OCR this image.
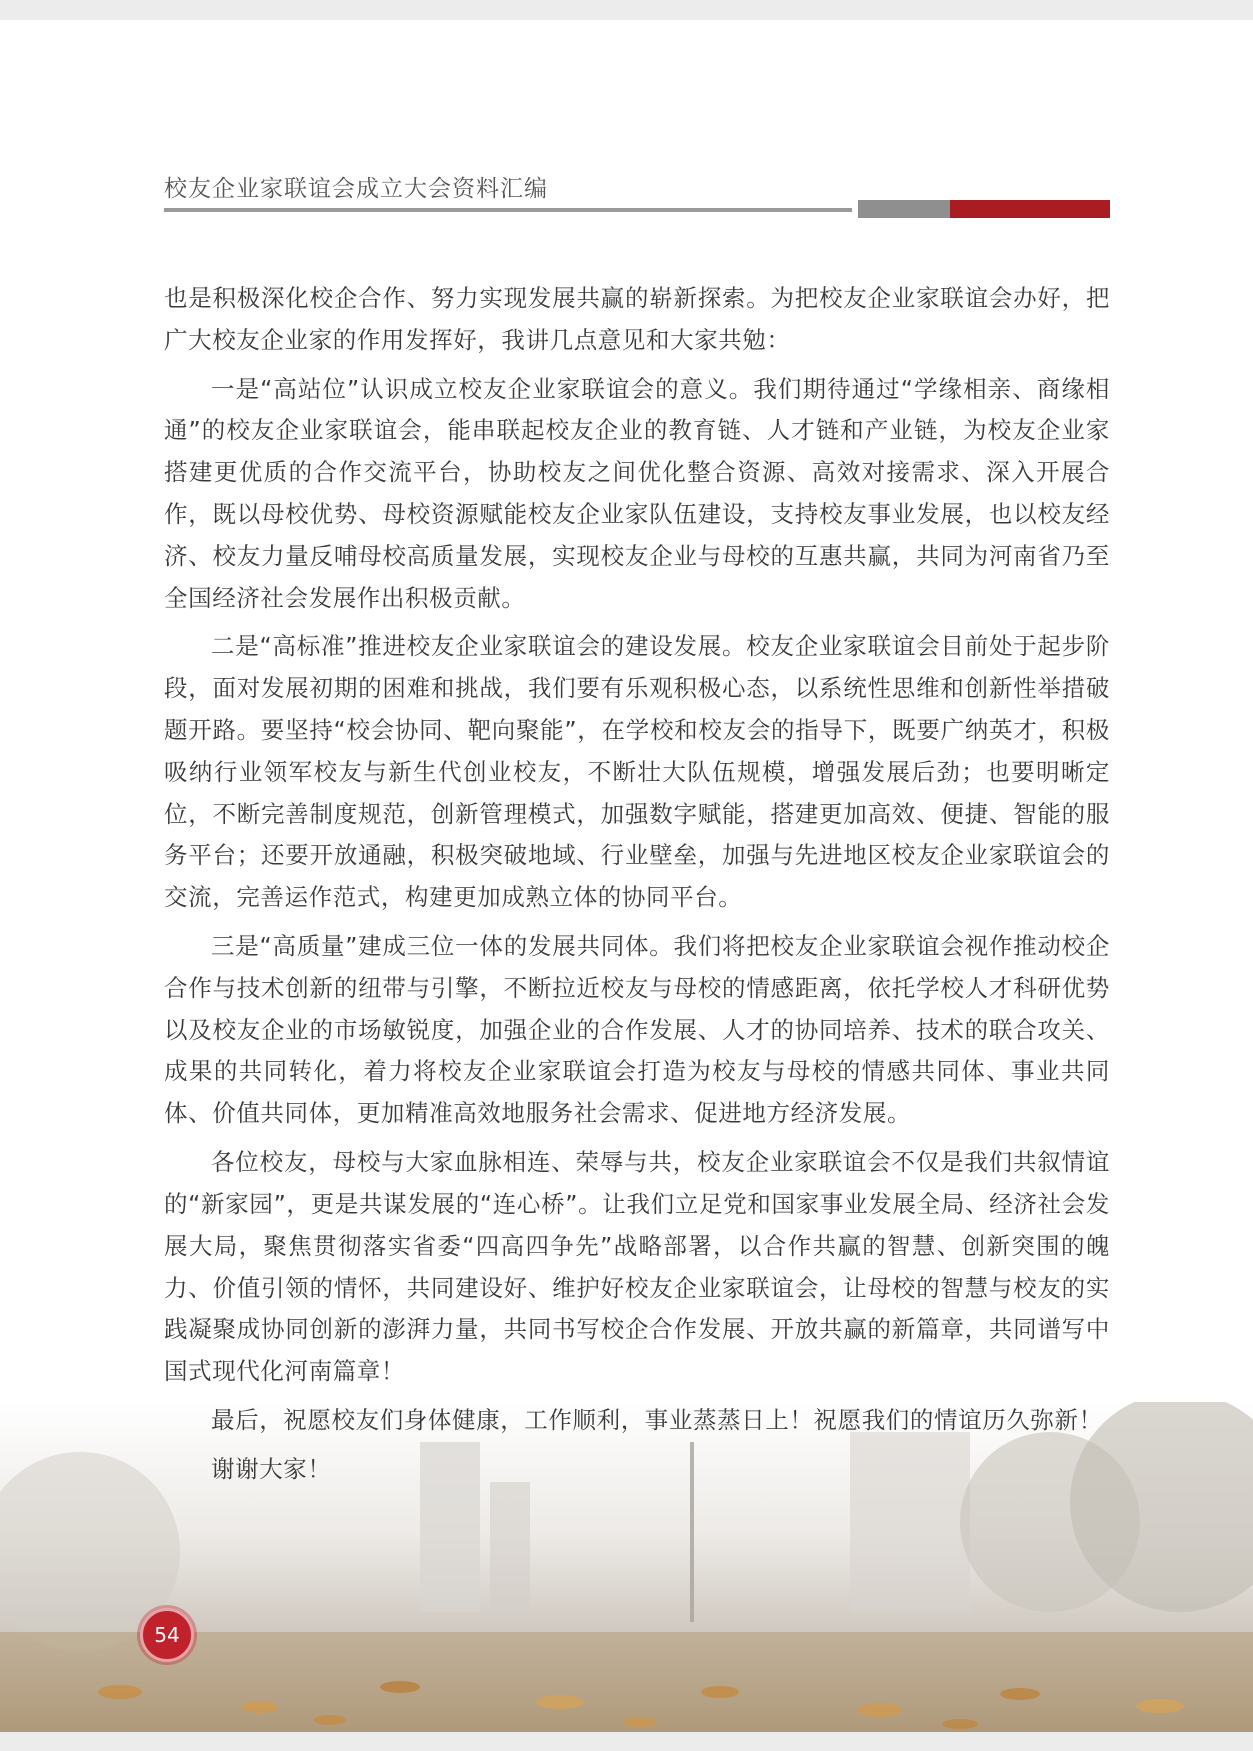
校友企业家联谊会成立大会资料汇编

也是积极深化校企合作、努力实现发展共赢的崭新探索。为把校友企业家联谊会办好，把广大校友企业家的作用发挥好，我讲几点意见和大家共勉：

一是“高站位”认识成立校友企业家联谊会的意义。我们期待通过“学缘相亲、商缘相通”的校友企业家联谊会，能串联起校友企业的教育链、人才链和产业链，为校友企业家搭建更优质的合作交流平台，协助校友之间优化整合资源、高效对接需求、深入开展合作，既以母校优势、母校资源赋能校友企业家队伍建设，支持校友事业发展，也以校友经济、校友力量反哺母校高质量发展，实现校友企业与母校的互惠共赢，共同为河南省乃至全国经济社会发展作出积极贡献。

二是“高标准”推进校友企业家联谊会的建设发展。校友企业家联谊会目前处于起步阶段，面对发展初期的困难和挑战，我们要有乐观积极心态，以系统性思维和创新性举措破题开路。要坚持“校会协同、靶向聚能”，在学校和校友会的指导下，既要广纳英才，积极吸纳行业领军校友与新生代创业校友，不断壮大队伍规模，增强发展后劲；也要明晰定位，不断完善制度规范，创新管理模式，加强数字赋能，搭建更加高效、便捷、智能的服务平台；还要开放通融，积极突破地域、行业壁垒，加强与先进地区校友企业家联谊会的交流，完善运作范式，构建更加成熟立体的协同平台。

三是“高质量”建成三位一体的发展共同体。我们将把校友企业家联谊会视作推动校企合作与技术创新的纽带与引擎，不断拉近校友与母校的情感距离，依托学校人才科研优势以及校友企业的市场敏锐度，加强企业的合作发展、人才的协同培养、技术的联合攻关、成果的共同转化，着力将校友企业家联谊会打造为校友与母校的情感共同体、事业共同体、价值共同体，更加精准高效地服务社会需求、促进地方经济发展。

各位校友，母校与大家血脉相连、荣辱与共，校友企业家联谊会不仅是我们共叙情谊的“新家园”，更是共谋发展的“连心桥”。让我们立足党和国家事业发展全局、经济社会发展大局，聚焦贯彻落实省委“四高四争先”战略部署，以合作共赢的智慧、创新突围的魄力、价值引领的情怀，共同建设好、维护好校友企业家联谊会，让母校的智慧与校友的实践凝聚成协同创新的澎湃力量，共同书写校企合作发展、开放共赢的新篇章，共同谱写中国式现代化河南篇章！

最后，祝愿校友们身体健康，工作顺利，事业蒸蒸日上！祝愿我们的情谊历久弥新！

谢谢大家！

54
